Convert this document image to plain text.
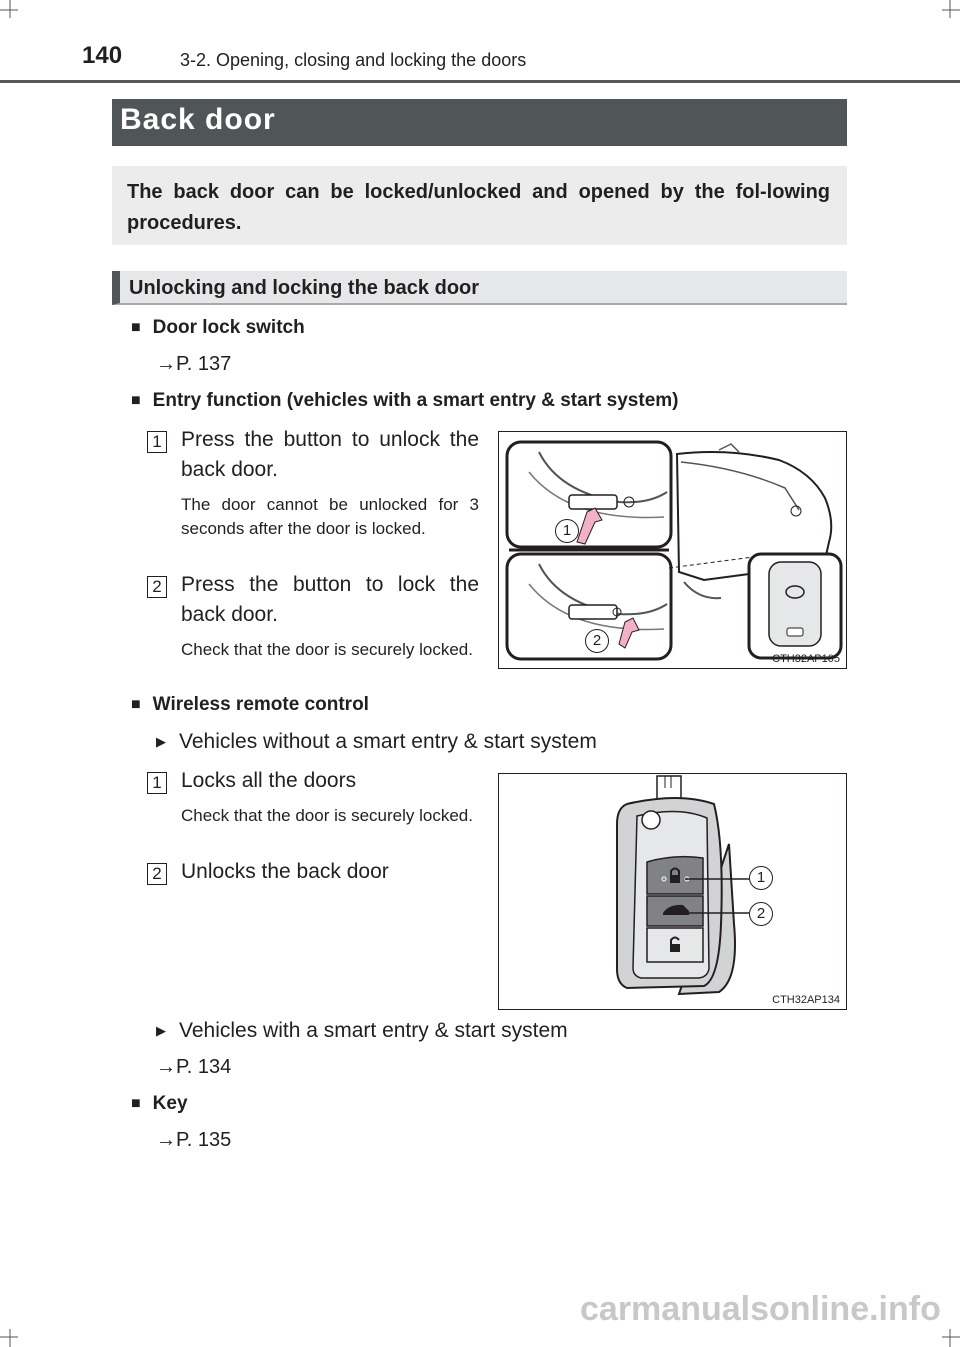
140	3-2. Opening, closing and locking the doors
Back door

The back door can be locked/unlocked and opened by the fol-lowing procedures.

Unlocking and locking the back door
■ Door lock switch
→P. 137
■ Entry function (vehicles with a smart entry & start system)
1 Press the button to unlock the back door.
The door cannot be unlocked for 3 seconds after the door is locked.
2 Press the button to lock the back door.
Check that the door is securely locked.
1
2
CTH32AP105
■ Wireless remote control
▶ Vehicles without a smart entry & start system
1 Locks all the doors
Check that the door is securely locked.
2 Unlocks the back door	1
2
CTH32AP134
▶ Vehicles with a smart entry & start system
→P. 134
■ Key
→P. 135
carmanualsonline.info
